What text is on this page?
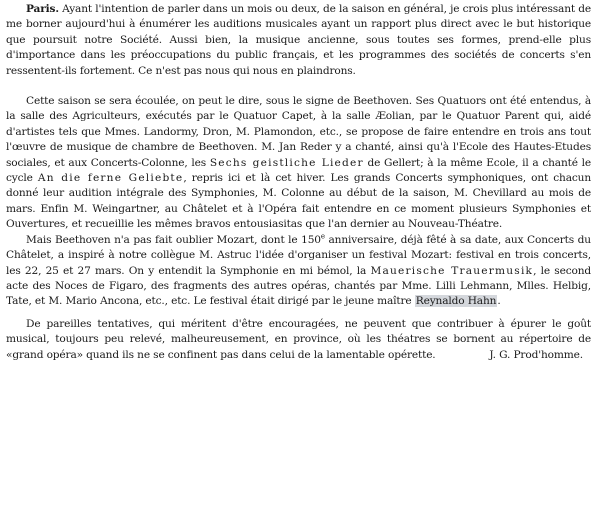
Paris. Ayant l'intention de parler dans un mois ou deux, de la saison en général, je crois plus intéressant de me borner aujourd'hui à énumérer les auditions musicales ayant un rapport plus direct avec le but historique que poursuit notre Société. Aussi bien, la musique ancienne, sous toutes ses formes, prend-elle plus d'importance dans les préoccupations du public français, et les programmes des sociétés de concerts s'en ressentent-ils fortement. Ce n'est pas nous qui nous en plaindrons.

Cette saison se sera écoulée, on peut le dire, sous le signe de Beethoven. Ses Quatuors ont été entendus, à la salle des Agriculteurs, exécutés par le Quatuor Capet, à la salle Æolian, par le Quatuor Parent qui, aidé d'artistes tels que Mmes. Landormy, Dron, M. Plamondon, etc., se propose de faire entendre en trois ans tout l'œuvre de musique de chambre de Beethoven. M. Jan Reder y a chanté, ainsi qu'à l'Ecole des Hautes-Etudes sociales, et aux Concerts-Colonne, les Sechs geistliche Lieder de Gellert; à la même Ecole, il a chanté le cycle An die ferne Geliebte, repris ici et là cet hiver. Les grands Concerts symphoniques, ont chacun donné leur audition intégrale des Symphonies, M. Colonne au début de la saison, M. Chevillard au mois de mars. Enfin M. Weingartner, au Châtelet et à l'Opéra fait entendre en ce moment plusieurs Symphonies et Ouvertures, et recueillie les mêmes bravos entousiasitas que l'an dernier au Nouveau-Théatre.

Mais Beethoven n'a pas fait oublier Mozart, dont le 150e anniversaire, déjà fêté à sa date, aux Concerts du Châtelet, a inspiré à notre collègue M. Astruc l'idée d'organiser un festival Mozart: festival en trois concerts, les 22, 25 et 27 mars. On y entendit la Symphonie en mi bémol, la Mauerische Trauermusik, le second acte des Noces de Figaro, des fragments des autres opéras, chantés par Mme. Lilli Lehmann, Mlles. Helbig, Tate, et M. Mario Ancona, etc., etc. Le festival était dirigé par le jeune maître Reynaldo Hahn.

De pareilles tentatives, qui méritent d'être encouragées, ne peuvent que contribuer à épurer le goût musical, toujours peu relevé, malheureusement, en province, où les théatres se bornent au répertoire de «grand opéra» quand ils ne se confinent pas dans celui de la lamentable opérette.	J. G. Prod'homme.
